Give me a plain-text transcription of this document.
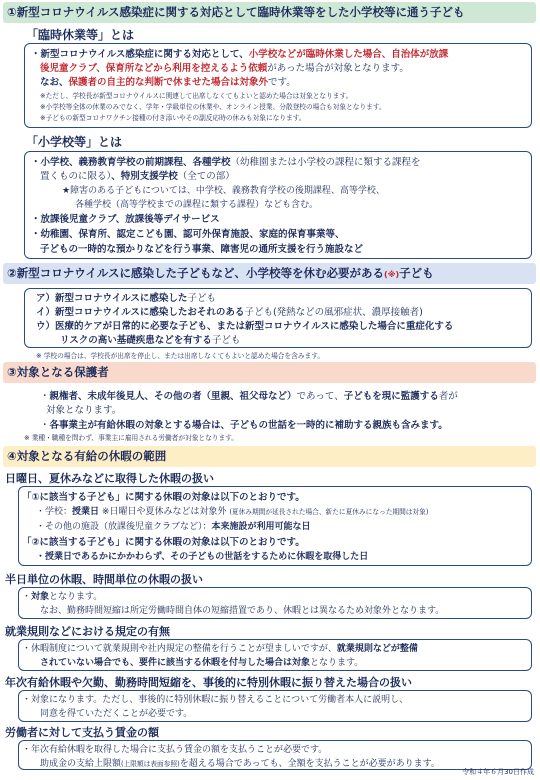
①新型コロナウイルス感染症に関する対応として臨時休業等をした小学校等に通う子ども
「臨時休業等」とは
・新型コロナウイルス感染症に関する対応として、小学校などが臨時休業した場合、自治体が放課
後児童クラブ、保育所などから利用を控えるよう依頼があった場合が対象となります。
なお、保護者の自主的な判断で休ませた場合は対象外です。
※ただし、学校長が新型コロナウイルスに関連して出席しなくてもよいと認めた場合は対象となります。
※小学校等全体の休業のみでなく、学年・学級単位の休業や、オンライン授業、分散登校の場合も対象となります。
※子どもの新型コロナワクチン接種の付き添いやその副反応時の休みも対象になります。
「小学校等」とは
・小学校、義務教育学校の前期課程、各種学校（幼稚園または小学校の課程に類する課程を
置くものに限る）、特別支援学校（全ての部）
★障害のある子どもについては、中学校、義務教育学校の後期課程、高等学校、
各種学校（高等学校までの課程に類する課程）なども含む。
・放課後児童クラブ、放課後等デイサービス
・幼稚園、保育所、認定こども園、認可外保育施設、家庭的保育事業等、
子どもの一時的な預かりなどを行う事業、障害児の通所支援を行う施設など
②新型コロナウイルスに感染した子どもなど、小学校等を休む必要がある(※)子ども
ア）新型コロナウイルスに感染した子ども
イ）新型コロナウイルスに感染したおそれのある子ども(発熱などの風邪症状、濃厚接触者)
ウ）医療的ケアが日常的に必要な子ども、または新型コロナウイルスに感染した場合に重症化する
リスクの高い基礎疾患などを有する子ども
※ 学校の場合は、学校長が出席を停止し、または出席しなくてもよいと認めた場合を含みます。
③対象となる保護者
・親権者、未成年後見人、その他の者（里親、祖父母など）であって、子どもを現に監護する者が
対象となります。
・各事業主が有給休暇の対象とする場合は、子どもの世話を一時的に補助する親族も含みます。
※ 業種・職種を問わず、事業主に雇用される労働者が対象となります。
④対象となる有給の休暇の範囲
日曜日、夏休みなどに取得した休暇の扱い
「①に該当する子ども」に関する休暇の対象は以下のとおりです。
・学校：授業日 ※日曜日や夏休みなどは対象外 (夏休み期間が延長された場合、新たに夏休みになった期間は対象)
・その他の施設（放課後児童クラブなど）：本来施設が利用可能な日
「②に該当する子ども」に関する休暇の対象は以下のとおりです。
・授業日であるかにかかわらず、その子どもの世話をするために休暇を取得した日
半日単位の休暇、時間単位の休暇の扱い
・対象となります。
なお、勤務時間短縮は所定労働時間自体の短縮措置であり、休暇とは異なるため対象外となります。
就業規則などにおける規定の有無
・休暇制度について就業規則や社内規定の整備を行うことが望ましいですが、就業規則などが整備
されていない場合でも、要件に該当する休暇を付与した場合は対象となります。
年次有給休暇や欠勤、勤務時間短縮を、事後的に特別休暇に振り替えた場合の扱い
・対象になります。ただし、事後的に特別休暇に振り替えることについて労働者本人に説明し、
同意を得ていただくことが必要です。
労働者に対して支払う賃金の額
・年次有給休暇を取得した場合に支払う賃金の額を支払うことが必要です。
助成金の支給上限額(上限額は表面参照)を超える場合であっても、全額を支払うことが必要があります。
令和４年６月30日作成
